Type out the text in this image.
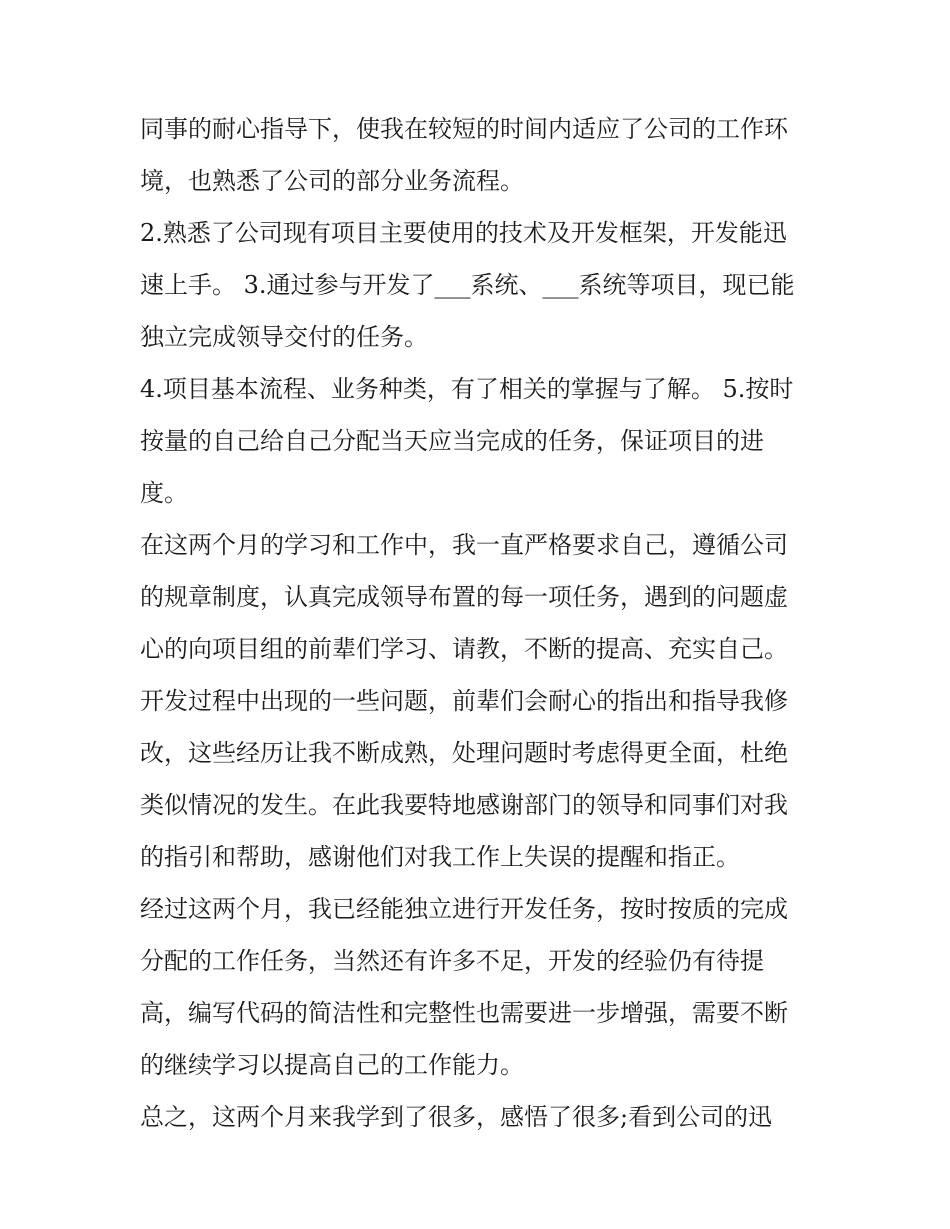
同事的耐心指导下，使我在较短的时间内适应了公司的工作环
境，也熟悉了公司的部分业务流程。
2.熟悉了公司现有项目主要使用的技术及开发框架，开发能迅
速上手。 3.通过参与开发了___系统、___系统等项目，现已能
独立完成领导交付的任务。
4.项目基本流程、业务种类，有了相关的掌握与了解。 5.按时
按量的自己给自己分配当天应当完成的任务，保证项目的进
度。
在这两个月的学习和工作中，我一直严格要求自己，遵循公司
的规章制度，认真完成领导布置的每一项任务，遇到的问题虚
心的向项目组的前辈们学习、请教，不断的提高、充实自己。
开发过程中出现的一些问题，前辈们会耐心的指出和指导我修
改，这些经历让我不断成熟，处理问题时考虑得更全面，杜绝
类似情况的发生。在此我要特地感谢部门的领导和同事们对我
的指引和帮助，感谢他们对我工作上失误的提醒和指正。
经过这两个月，我已经能独立进行开发任务，按时按质的完成
分配的工作任务，当然还有许多不足，开发的经验仍有待提
高，编写代码的简洁性和完整性也需要进一步增强，需要不断
的继续学习以提高自己的工作能力。
总之，这两个月来我学到了很多，感悟了很多;看到公司的迅
